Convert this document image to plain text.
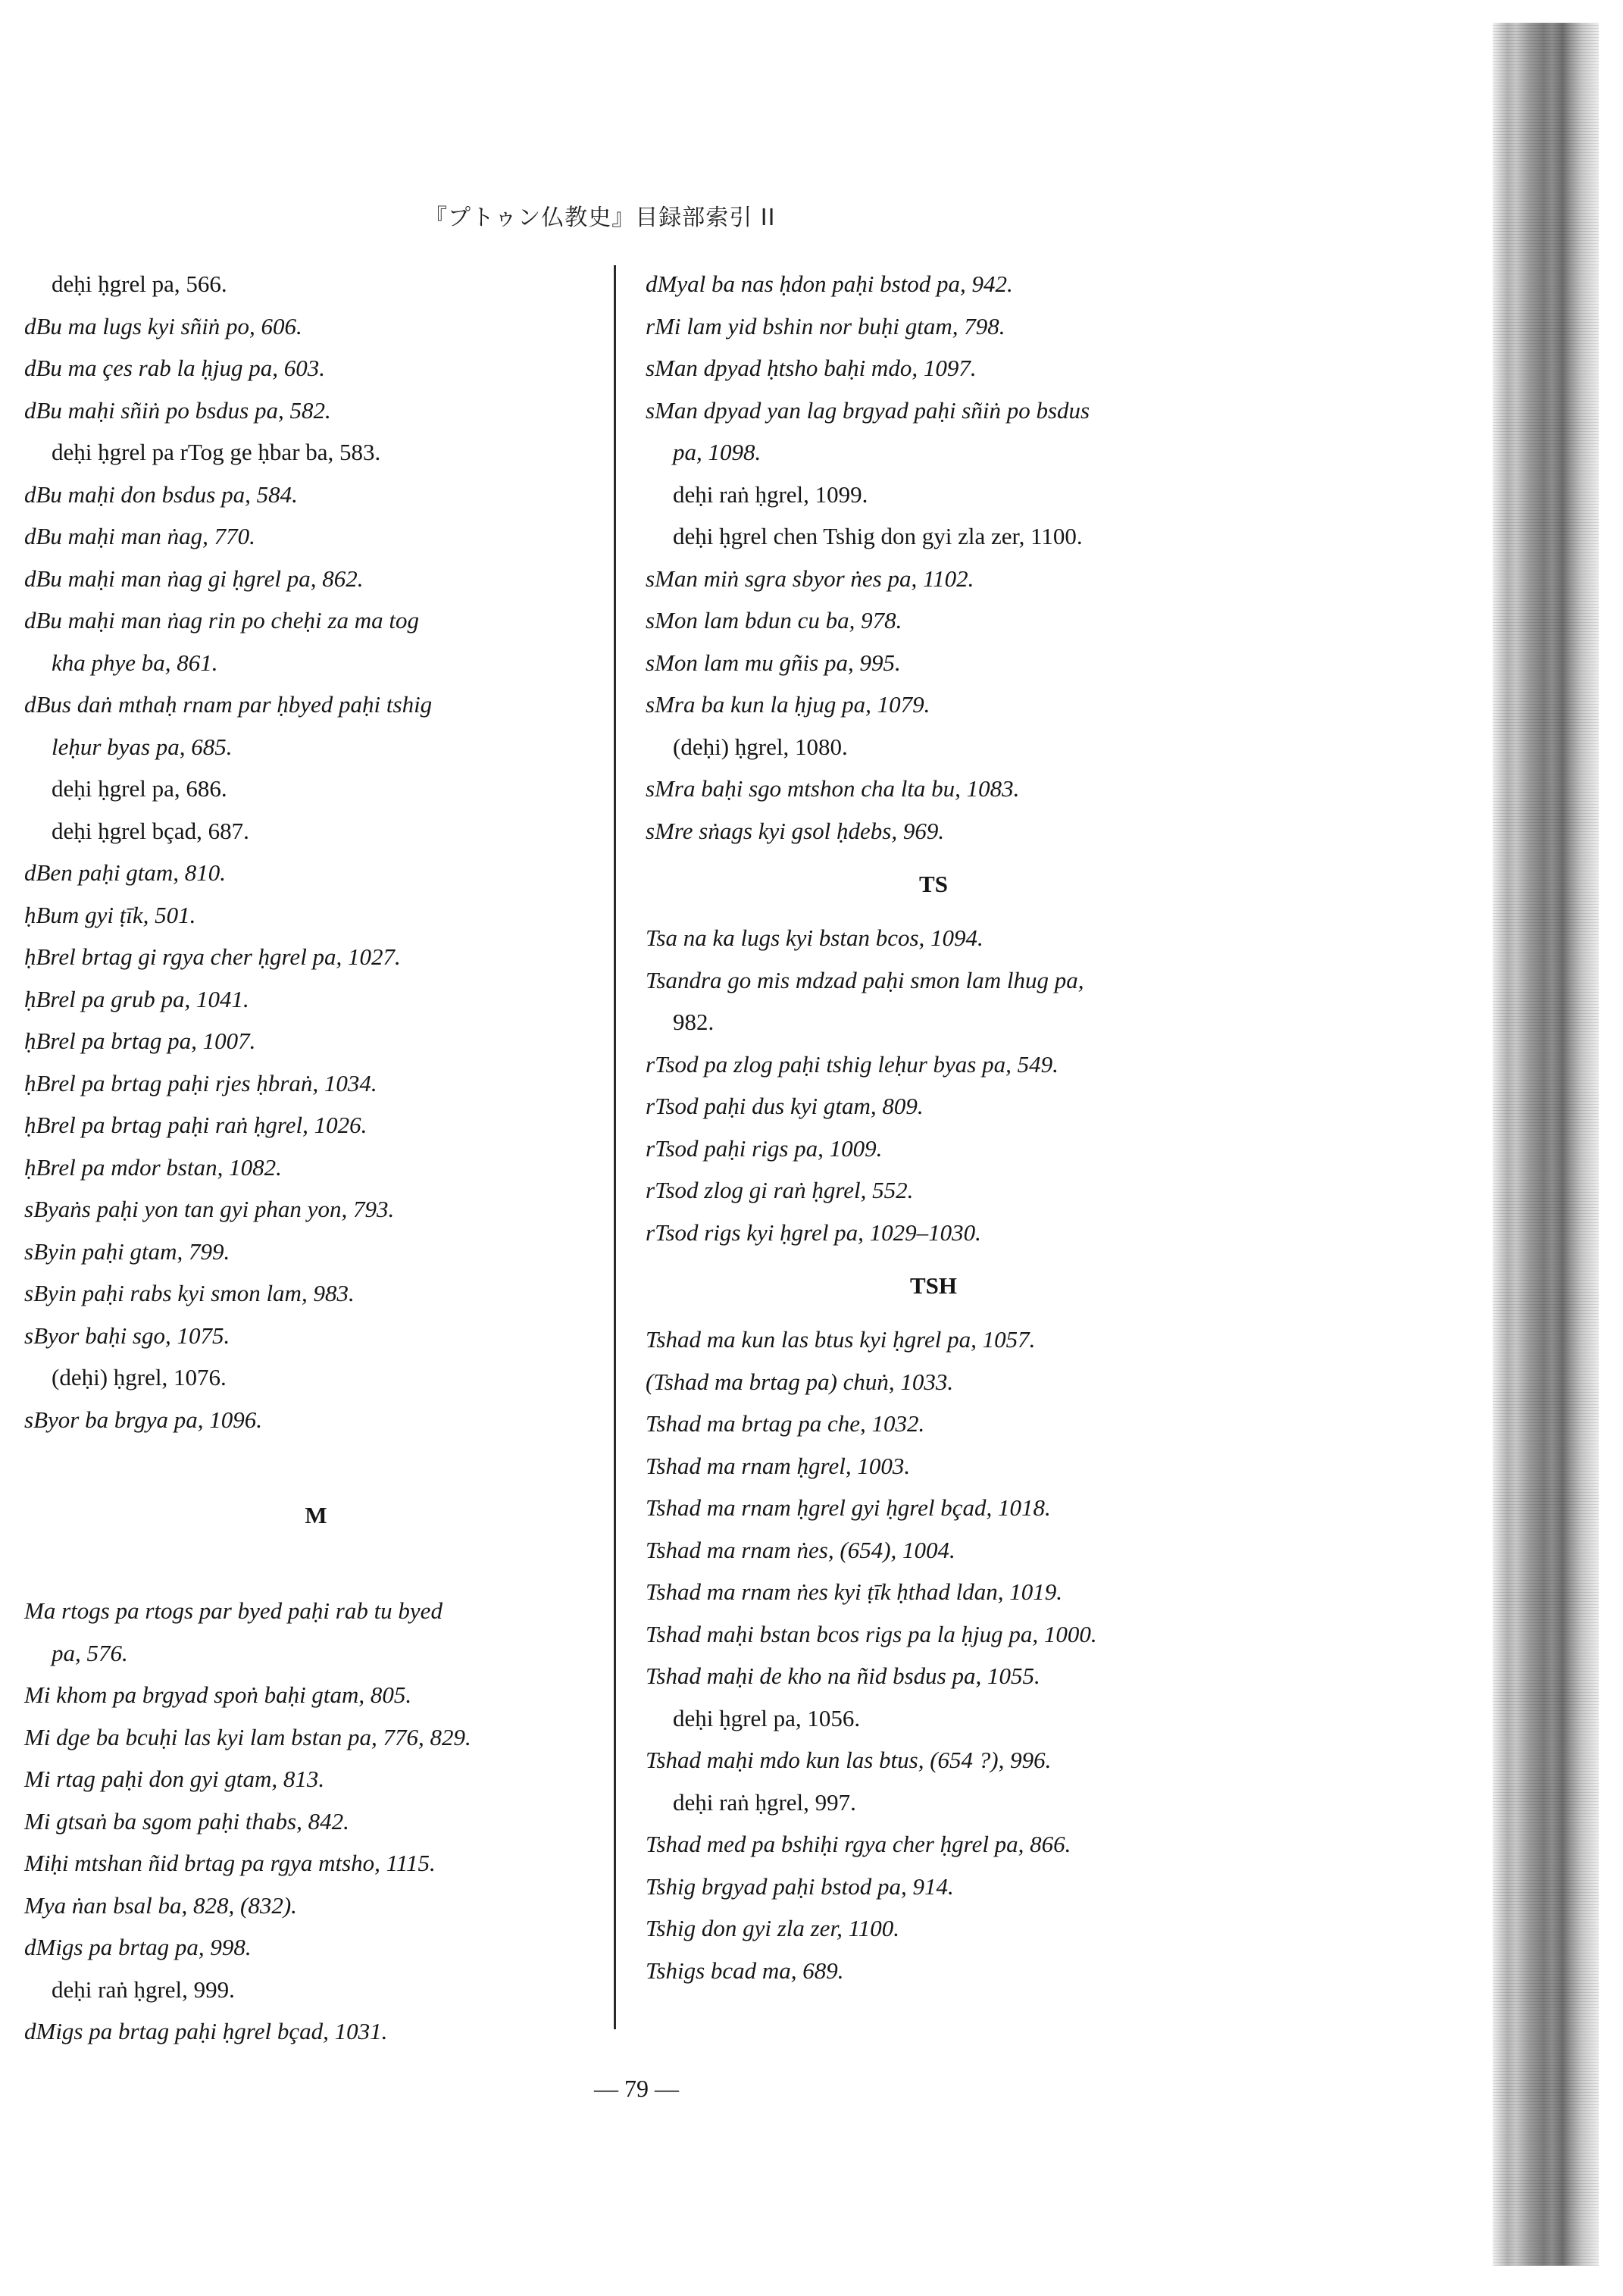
『プトゥン仏教史』目録部索引 II
deḥi ḥgrel pa, 566.
dBu ma lugs kyi sñiṅ po, 606.
dBu ma çes rab la ḥjug pa, 603.
dBu maḥi sñiṅ po bsdus pa, 582.
deḥi ḥgrel pa rTog ge ḥbar ba, 583.
dBu maḥi don bsdus pa, 584.
dBu maḥi man ṅag, 770.
dBu maḥi man ṅag gi ḥgrel pa, 862.
dBu maḥi man ṅag rin po cheḥi za ma tog
kha phye ba, 861.
dBus daṅ mthaḥ rnam par ḥbyed paḥi tshig
leḥur byas pa, 685.
deḥi ḥgrel pa, 686.
deḥi ḥgrel bçad, 687.
dBen paḥi gtam, 810.
ḥBum gyi ṭīk, 501.
ḥBrel brtag gi rgya cher ḥgrel pa, 1027.
ḥBrel pa grub pa, 1041.
ḥBrel pa brtag pa, 1007.
ḥBrel pa brtag paḥi rjes ḥbraṅ, 1034.
ḥBrel pa brtag paḥi raṅ ḥgrel, 1026.
ḥBrel pa mdor bstan, 1082.
sByaṅs paḥi yon tan gyi phan yon, 793.
sByin paḥi gtam, 799.
sByin paḥi rabs kyi smon lam, 983.
sByor baḥi sgo, 1075.
(deḥi) ḥgrel, 1076.
sByor ba brgya pa, 1096.
M
Ma rtogs pa rtogs par byed paḥi rab tu byed
pa, 576.
Mi khom pa brgyad spoṅ baḥi gtam, 805.
Mi dge ba bcuḥi las kyi lam bstan pa, 776, 829.
Mi rtag paḥi don gyi gtam, 813.
Mi gtsaṅ ba sgom paḥi thabs, 842.
Miḥi mtshan ñid brtag pa rgya mtsho, 1115.
Mya ṅan bsal ba, 828, (832).
dMigs pa brtag pa, 998.
deḥi raṅ ḥgrel, 999.
dMigs pa brtag paḥi ḥgrel bçad, 1031.
dMyal ba nas ḥdon paḥi bstod pa, 942.
rMi lam yid bshin nor buḥi gtam, 798.
sMan dpyad ḥtsho baḥi mdo, 1097.
sMan dpyad yan lag brgyad paḥi sñiṅ po bsdus
pa, 1098.
deḥi raṅ ḥgrel, 1099.
deḥi ḥgrel chen Tshig don gyi zla zer, 1100.
sMan miṅ sgra sbyor ṅes pa, 1102.
sMon lam bdun cu ba, 978.
sMon lam mu gñis pa, 995.
sMra ba kun la ḥjug pa, 1079.
(deḥi) ḥgrel, 1080.
sMra baḥi sgo mtshon cha lta bu, 1083.
sMre sṅags kyi gsol ḥdebs, 969.
TS
Tsa na ka lugs kyi bstan bcos, 1094.
Tsandra go mis mdzad paḥi smon lam lhug pa,
982.
rTsod pa zlog paḥi tshig leḥur byas pa, 549.
rTsod paḥi dus kyi gtam, 809.
rTsod paḥi rigs pa, 1009.
rTsod zlog gi raṅ ḥgrel, 552.
rTsod rigs kyi ḥgrel pa, 1029–1030.
TSH
Tshad ma kun las btus kyi ḥgrel pa, 1057.
(Tshad ma brtag pa) chuṅ, 1033.
Tshad ma brtag pa che, 1032.
Tshad ma rnam ḥgrel, 1003.
Tshad ma rnam ḥgrel gyi ḥgrel bçad, 1018.
Tshad ma rnam ṅes, (654), 1004.
Tshad ma rnam ṅes kyi ṭīk ḥthad ldan, 1019.
Tshad maḥi bstan bcos rigs pa la ḥjug pa, 1000.
Tshad maḥi de kho na ñid bsdus pa, 1055.
deḥi ḥgrel pa, 1056.
Tshad maḥi mdo kun las btus, (654 ?), 996.
deḥi raṅ ḥgrel, 997.
Tshad med pa bshiḥi rgya cher ḥgrel pa, 866.
Tshig brgyad paḥi bstod pa, 914.
Tshig don gyi zla zer, 1100.
Tshigs bcad ma, 689.
— 79 —
